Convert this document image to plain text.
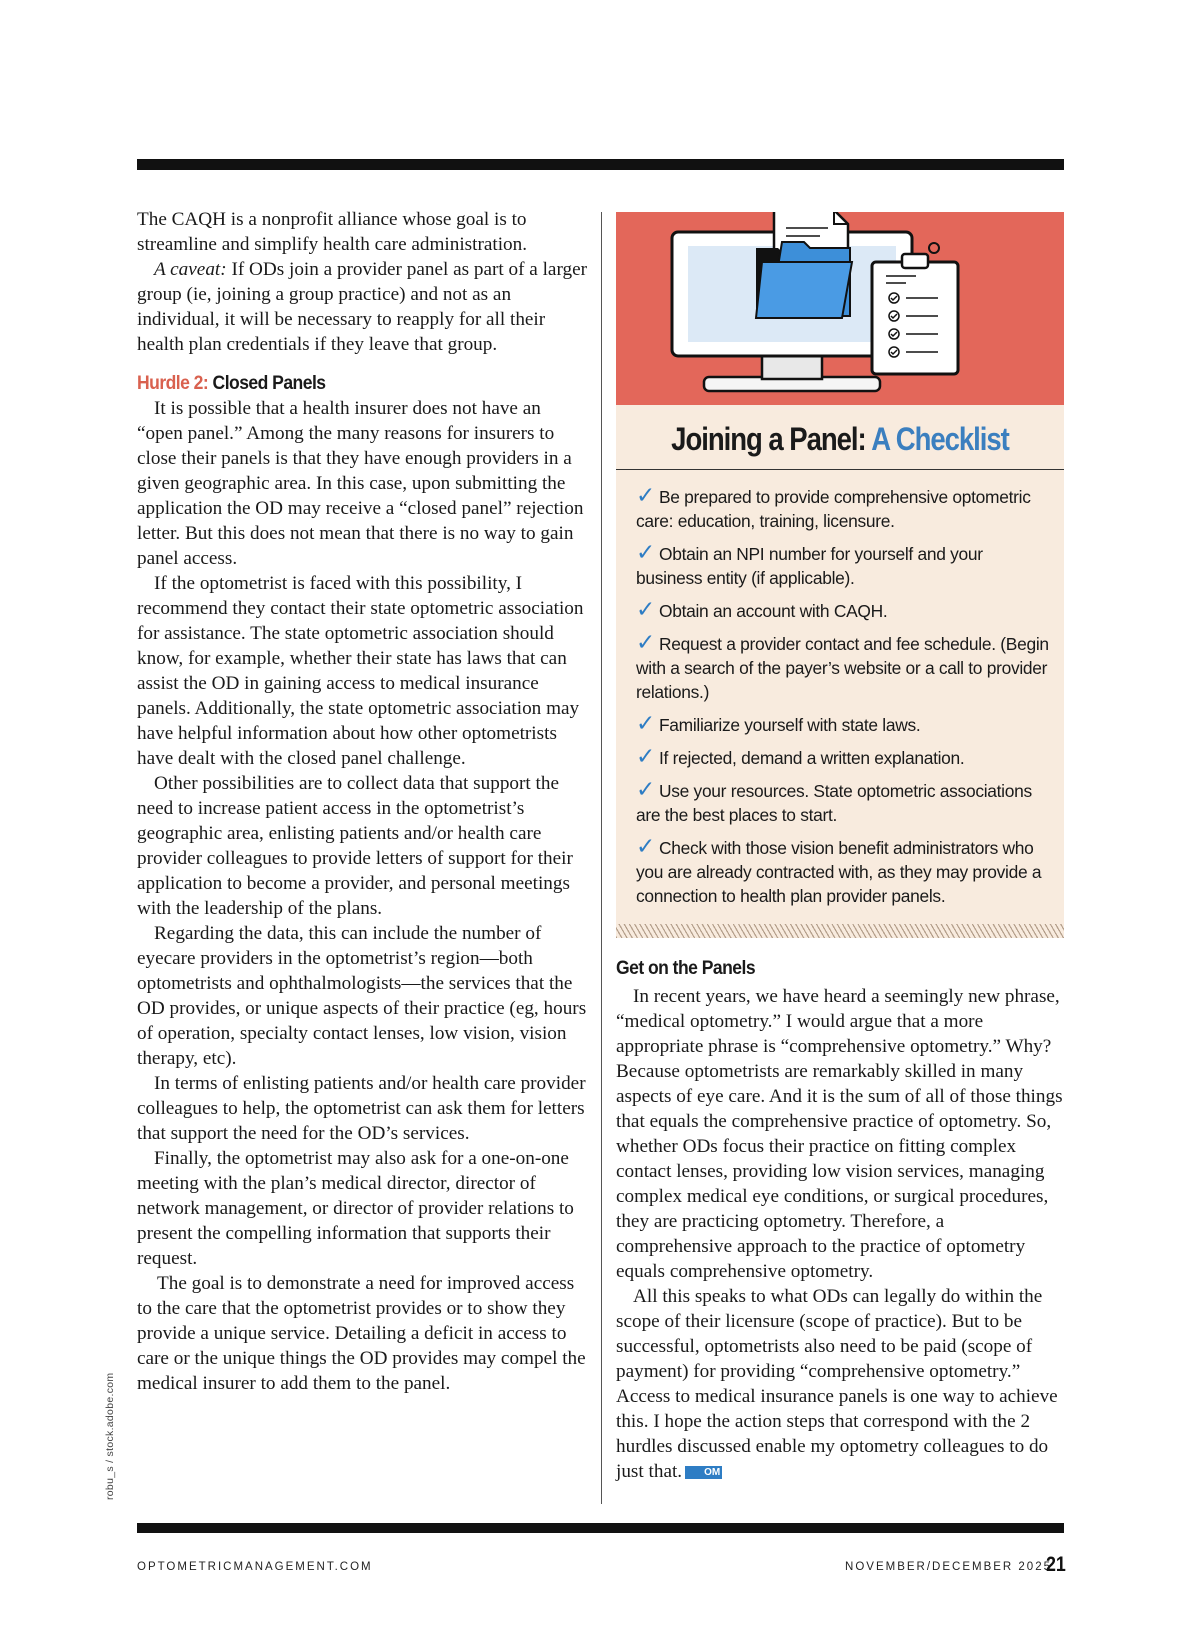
The CAQH is a nonprofit alliance whose goal is to streamline and simplify health care administration.

A caveat: If ODs join a provider panel as part of a larger group (ie, joining a group practice) and not as an individual, it will be necessary to reapply for all their health plan credentials if they leave that group.

Hurdle 2: Closed Panels

It is possible that a health insurer does not have an “open panel.” Among the many reasons for insurers to close their panels is that they have enough providers in a given geographic area. In this case, upon submitting the application the OD may receive a “closed panel” rejection letter. But this does not mean that there is no way to gain panel access.

If the optometrist is faced with this possibility, I recommend they contact their state optometric association for assistance. The state optometric association should know, for example, whether their state has laws that can assist the OD in gaining access to medical insurance panels. Additionally, the state optometric association may have helpful information about how other optometrists have dealt with the closed panel challenge.

Other possibilities are to collect data that support the need to increase patient access in the optometrist’s geographic area, enlisting patients and/or health care provider colleagues to provide letters of support for their application to become a provider, and personal meetings with the leadership of the plans.

Regarding the data, this can include the number of eyecare providers in the optometrist’s region—both optometrists and ophthalmologists—the services that the OD provides, or unique aspects of their practice (eg, hours of operation, specialty contact lenses, low vision, vision therapy, etc).

In terms of enlisting patients and/or health care provider colleagues to help, the optometrist can ask them for letters that support the need for the OD’s services.

Finally, the optometrist may also ask for a one-on-one meeting with the plan’s medical director, director of network management, or director of provider relations to present the compelling information that supports their request.

The goal is to demonstrate a need for improved access to the care that the optometrist provides or to show they provide a unique service. Detailing a deficit in access to care or the unique things the OD provides may compel the medical insurer to add them to the panel.

Joining a Panel: A Checklist
✓ Be prepared to provide comprehensive optometric care: education, training, licensure.
✓ Obtain an NPI number for yourself and your business entity (if applicable).
✓ Obtain an account with CAQH.
✓ Request a provider contact and fee schedule. (Begin with a search of the payer’s website or a call to provider relations.)
✓ Familiarize yourself with state laws.
✓ If rejected, demand a written explanation.
✓ Use your resources. State optometric associations are the best places to start.
✓ Check with those vision benefit administrators who you are already contracted with, as they may provide a connection to health plan provider panels.
Get on the Panels

In recent years, we have heard a seemingly new phrase, “medical optometry.” I would argue that a more appropriate phrase is “comprehensive optometry.” Why? Because optometrists are remarkably skilled in many aspects of eye care. And it is the sum of all of those things that equals the comprehensive practice of optometry. So, whether ODs focus their practice on fitting complex contact lenses, providing low vision services, managing complex medical eye conditions, or surgical procedures, they are practicing optometry. Therefore, a comprehensive approach to the practice of optometry equals comprehensive optometry.

All this speaks to what ODs can legally do within the scope of their licensure (scope of practice). But to be successful, optometrists also need to be paid (scope of payment) for providing “comprehensive optometry.” Access to medical insurance panels is one way to achieve this. I hope the action steps that correspond with the 2 hurdles discussed enable my optometry colleagues to do just that. OM

robu_s / stock.adobe.com
OPTOMETRICMANAGEMENT.COM	NOVEMBER/DECEMBER 2025
21
